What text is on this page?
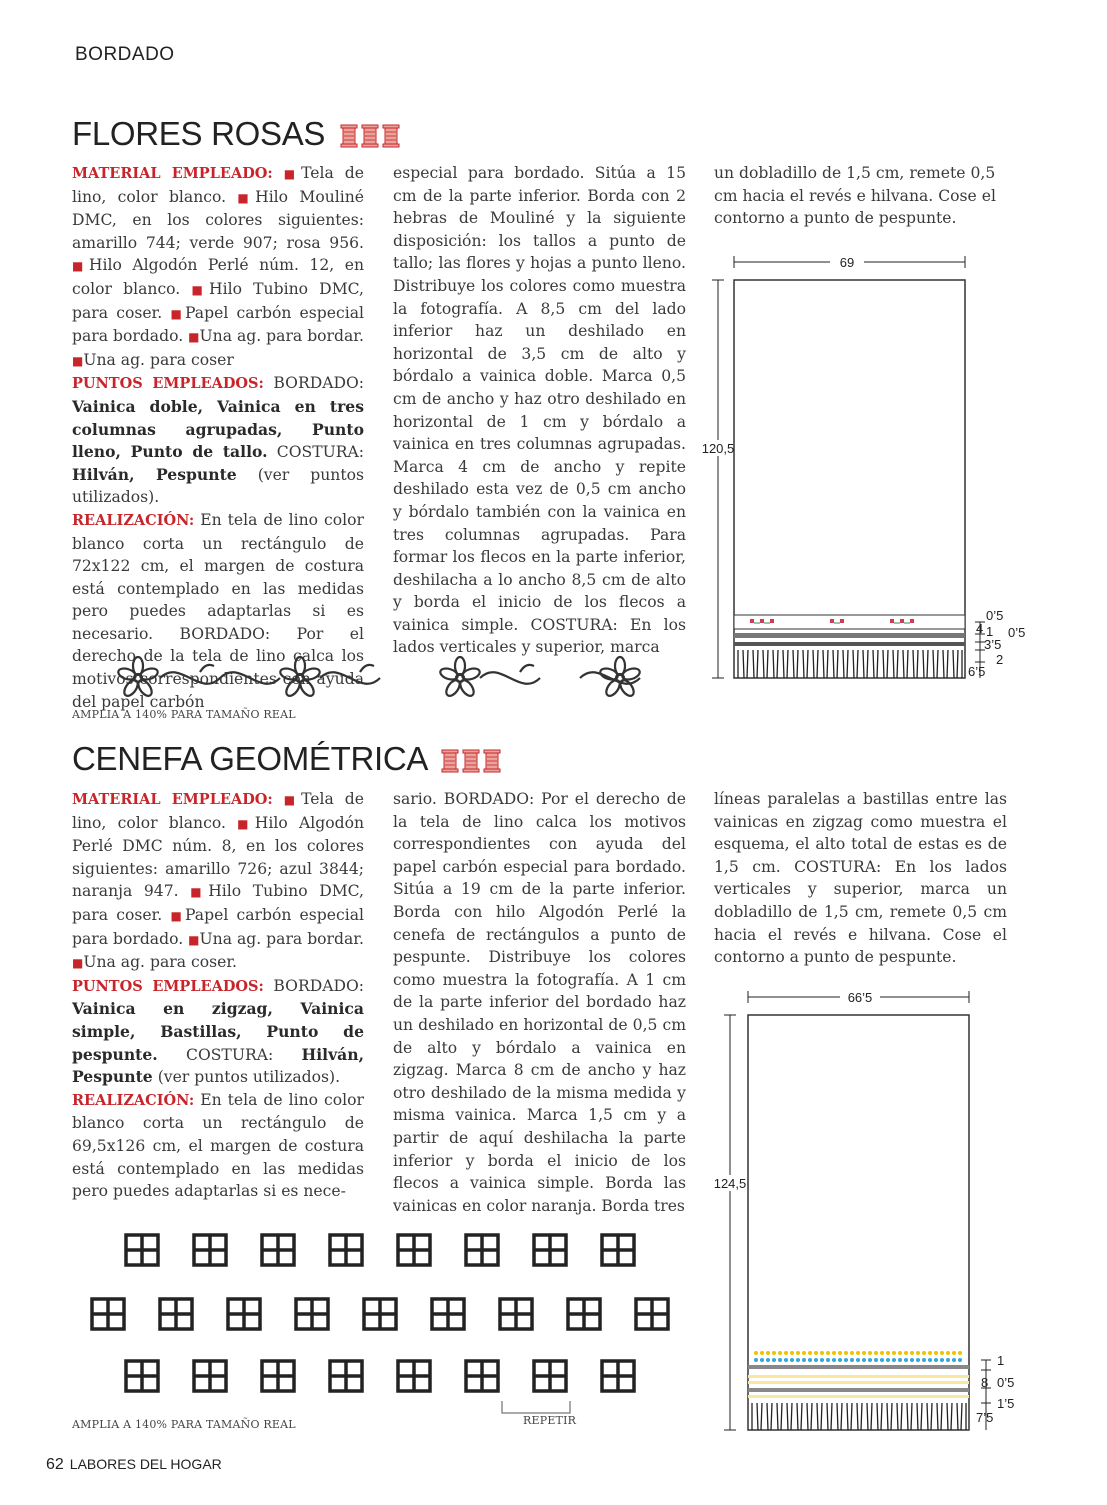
BORDADO
FLORES ROSAS

MATERIAL EMPLEADO: ■Tela de lino, color blanco. ■Hilo Mouliné DMC, en los colores siguientes: amarillo 744; verde 907; rosa 956. ■Hilo Algodón Perlé núm. 12, en color blanco. ■Hilo Tubino DMC, para coser. ■Papel carbón especial para bordado. ■Una ag. para bordar. ■Una ag. para coser

PUNTOS EMPLEADOS: BORDADO: Vainica doble, Vainica en tres columnas agrupadas, Punto lleno, Punto de tallo. COSTURA: Hilván, Pespunte (ver puntos utilizados).

REALIZACIÓN: En tela de lino color blanco corta un rectángulo de 72x122 cm, el margen de costura está contemplado en las medidas pero puedes adaptarlas si es necesario. BORDADO: Por el derecho de la tela de lino calca los motivos correspondientes con ayuda del papel carbón

especial para bordado. Sitúa a 15 cm de la parte inferior. Borda con 2 hebras de Mouliné y la siguiente disposición: los tallos a punto de tallo; las flores y hojas a punto lleno. Distribuye los colores como muestra la fotografía. A 8,5 cm del lado inferior haz un deshilado en horizontal de 3,5 cm de alto y bórdalo a vainica doble. Marca 0,5 cm de ancho y haz otro deshilado en horizontal de 1 cm y bórdalo a vainica en tres columnas agrupadas. Marca 4 cm de ancho y repite deshilado esta vez de 0,5 cm ancho y bórdalo también con la vainica en tres columnas agrupadas. Para formar los flecos en la parte inferior, deshilacha a lo ancho 8,5 cm de alto y borda el inicio de los flecos a vainica simple. COSTURA: En los lados verticales y superior, marca
un dobladillo de 1,5 cm, remete 0,5 cm hacia el revés e hilvana. Cose el contorno a punto de pespunte.
AMPLIA A 140% PARA TAMAÑO REAL
69
120,5
0’5
4 1 0’5
3’5
2
6’5
CENEFA GEOMÉTRICA

MATERIAL EMPLEADO: ■Tela de lino, color blanco. ■Hilo Algodón Perlé DMC núm. 8, en los colores siguientes: amarillo 726; azul 3844; naranja 947. ■Hilo Tubino DMC, para coser. ■Papel carbón especial para bordado. ■Una ag. para bordar. ■Una ag. para coser.

PUNTOS EMPLEADOS: BORDADO: Vainica en zigzag, Vainica simple, Bastillas, Punto de pespunte. COSTURA: Hilván, Pespunte (ver puntos utilizados).

REALIZACIÓN: En tela de lino color blanco corta un rectángulo de 69,5x126 cm, el margen de costura está contemplado en las medidas pero puedes adaptarlas si es nece-

sario. BORDADO: Por el derecho de la tela de lino calca los motivos correspondientes con ayuda del papel carbón especial para bordado. Sitúa a 19 cm de la parte inferior. Borda con hilo Algodón Perlé la cenefa de rectángulos a punto de pespunte. Distribuye los colores como muestra la fotografía. A 1 cm de la parte inferior del bordado haz un deshilado en horizontal de 0,5 cm de alto y bórdalo a vainica en zigzag. Marca 8 cm de ancho y haz otro deshilado de la misma medida y misma vainica. Marca 1,5 cm y a partir de aquí deshilacha la parte inferior y borda el inicio de los flecos a vainica simple. Borda las vainicas en color naranja. Borda tres
líneas paralelas a bastillas entre las vainicas en zigzag como muestra el esquema, el alto total de estas es de 1,5 cm. COSTURA: En los lados verticales y superior, marca un dobladillo de 1,5 cm, remete 0,5 cm hacia el revés e hilvana. Cose el contorno a punto de pespunte.
AMPLIA A 140% PARA TAMAÑO REAL	REPETIR
66’5
124,5
1
8 0’5
1’5
7’5
62 LABORES DEL HOGAR
